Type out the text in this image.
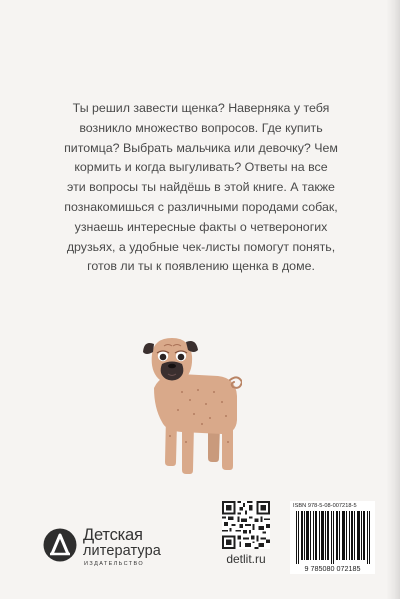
Ты решил завести щенка? Наверняка у тебя
возникло множество вопросов. Где купить
питомца? Выбрать мальчика или девочку? Чем
кормить и когда выгуливать? Ответы на все
эти вопросы ты найдёшь в этой книге. А также
познакомишься с различными породами собак,
узнаешь интересные факты о четвероногих
друзьях, а удобные чек-листы помогут понять,
готов ли ты к появлению щенка в доме.

Детская
литература
ИЗДАТЕЛЬСТВО	detlit.ru
ISBN 978-5-08-007218-5
9 785080 072185
